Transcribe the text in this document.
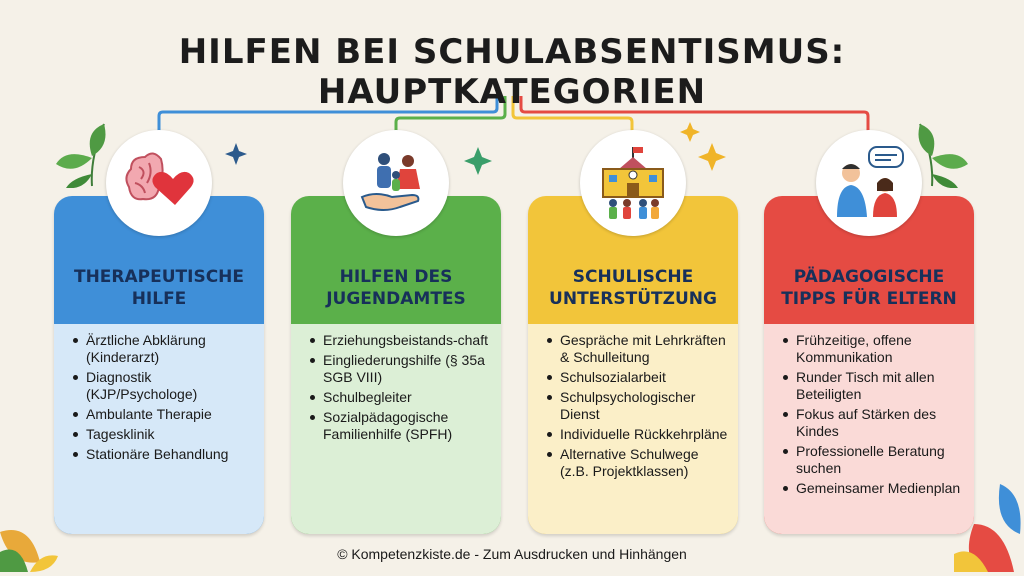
HILFEN BEI SCHULABSENTISMUS: HAUPTKATEGORIEN
THERAPEUTISCHE
HILFE
Ärztliche Abklärung (Kinderarzt)
Diagnostik (KJP/Psychologe)
Ambulante Therapie
Tagesklinik
Stationäre Behandlung
HILFEN DES
JUGENDAMTES
Erziehungsbeistands-chaft
Eingliederungshilfe (§ 35a SGB VIII)
Schulbegleiter
Sozialpädagogische Familienhilfe (SPFH)
SCHULISCHE
UNTERSTÜTZUNG
Gespräche mit Lehrkräften & Schulleitung
Schulsozialarbeit
Schulpsychologischer Dienst
Individuelle Rückkehrpläne
Alternative Schulwege (z.B. Projektklassen)
PÄDAGOGISCHE
TIPPS FÜR ELTERN
Frühzeitige, offene Kommunikation
Runder Tisch mit allen Beteiligten
Fokus auf Stärken des Kindes
Professionelle Beratung suchen
Gemeinsamer Medienplan
© Kompetenzkiste.de - Zum Ausdrucken und Hinhängen
